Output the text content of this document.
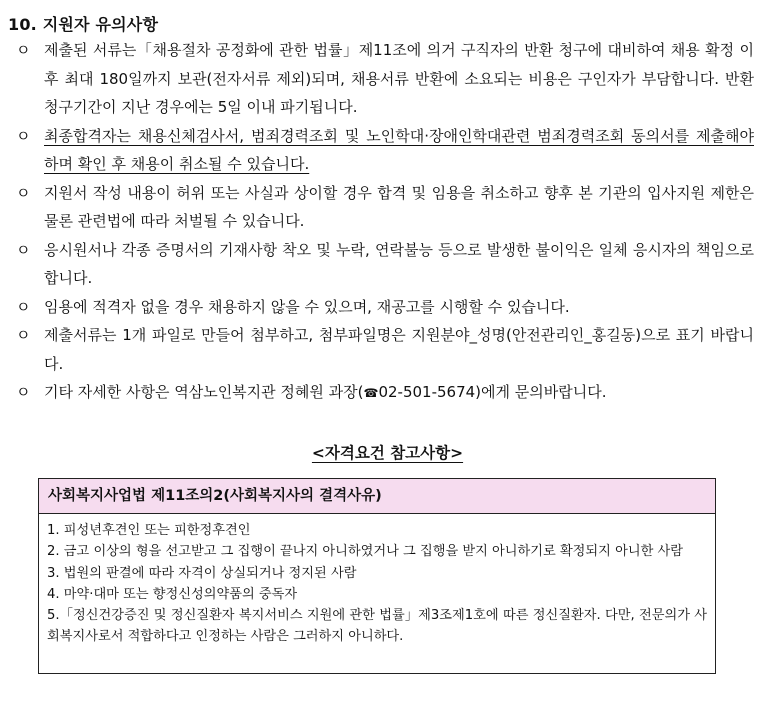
10. 지원자 유의사항
ㅇ 제출된 서류는「채용절차 공정화에 관한 법률」제11조에 의거 구직자의 반환 청구에 대비하여 채용 확정 이후 최대 180일까지 보관(전자서류 제외)되며, 채용서류 반환에 소요되는 비용은 구인자가 부담합니다. 반환 청구기간이 지난 경우에는 5일 이내 파기됩니다.
ㅇ 최종합격자는 채용신체검사서, 범죄경력조회 및 노인학대·장애인학대관련 범죄경력조회 동의서를 제출해야 하며 확인 후 채용이 취소될 수 있습니다.
ㅇ 지원서 작성 내용이 허위 또는 사실과 상이할 경우 합격 및 임용을 취소하고 향후 본 기관의 입사지원 제한은 물론 관련법에 따라 처벌될 수 있습니다.
ㅇ 응시원서나 각종 증명서의 기재사항 착오 및 누락, 연락불능 등으로 발생한 불이익은 일체 응시자의 책임으로 합니다.
ㅇ 임용에 적격자 없을 경우 채용하지 않을 수 있으며, 재공고를 시행할 수 있습니다.
ㅇ 제출서류는 1개 파일로 만들어 첨부하고, 첨부파일명은 지원분야_성명(안전관리인_홍길동)으로 표기 바랍니다.
ㅇ 기타 자세한 사항은 역삼노인복지관 정혜원 과장(☎02-501-5674)에게 문의바랍니다.
<자격요건 참고사항>
사회복지사업법 제11조의2(사회복지사의 결격사유)
1. 피성년후견인 또는 피한정후견인
2. 금고 이상의 형을 선고받고 그 집행이 끝나지 아니하였거나 그 집행을 받지 아니하기로 확정되지 아니한 사람
3. 법원의 판결에 따라 자격이 상실되거나 정지된 사람
4. 마약·대마 또는 향정신성의약품의 중독자
5.「정신건강증진 및 정신질환자 복지서비스 지원에 관한 법률」제3조제1호에 따른 정신질환자. 다만, 전문의가 사회복지사로서 적합하다고 인정하는 사람은 그러하지 아니하다.
